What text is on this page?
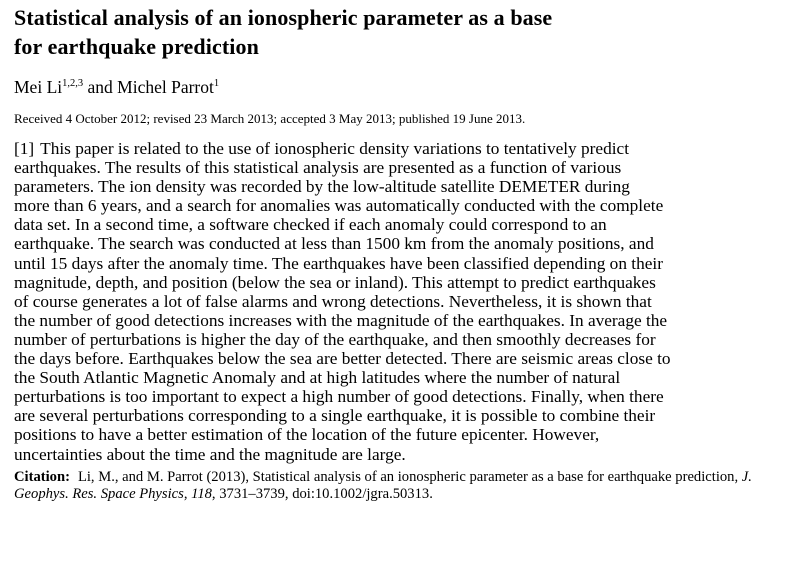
Statistical analysis of an ionospheric parameter as a base
for earthquake prediction
Mei Li$^{1,2,3}$ and Michel Parrot$^1$
Received 4 October 2012; revised 23 March 2013; accepted 3 May 2013; published 19 June 2013.
[1] This paper is related to the use of ionospheric density variations to tentatively predict
earthquakes. The results of this statistical analysis are presented as a function of various
parameters. The ion density was recorded by the low-altitude satellite DEMETER during
more than 6 years, and a search for anomalies was automatically conducted with the complete
data set. In a second time, a software checked if each anomaly could correspond to an
earthquake. The search was conducted at less than 1500 km from the anomaly positions, and
until 15 days after the anomaly time. The earthquakes have been classified depending on their
magnitude, depth, and position (below the sea or inland). This attempt to predict earthquakes
of course generates a lot of false alarms and wrong detections. Nevertheless, it is shown that
the number of good detections increases with the magnitude of the earthquakes. In average the
number of perturbations is higher the day of the earthquake, and then smoothly decreases for
the days before. Earthquakes below the sea are better detected. There are seismic areas close to
the South Atlantic Magnetic Anomaly and at high latitudes where the number of natural
perturbations is too important to expect a high number of good detections. Finally, when there
are several perturbations corresponding to a single earthquake, it is possible to combine their
positions to have a better estimation of the location of the future epicenter. However,
uncertainties about the time and the magnitude are large.
Citation: Li, M., and M. Parrot (2013), Statistical analysis of an ionospheric parameter as a base for earthquake prediction, J. Geophys. Res. Space Physics, 118, 3731–3739, doi:10.1002/jgra.50313.
